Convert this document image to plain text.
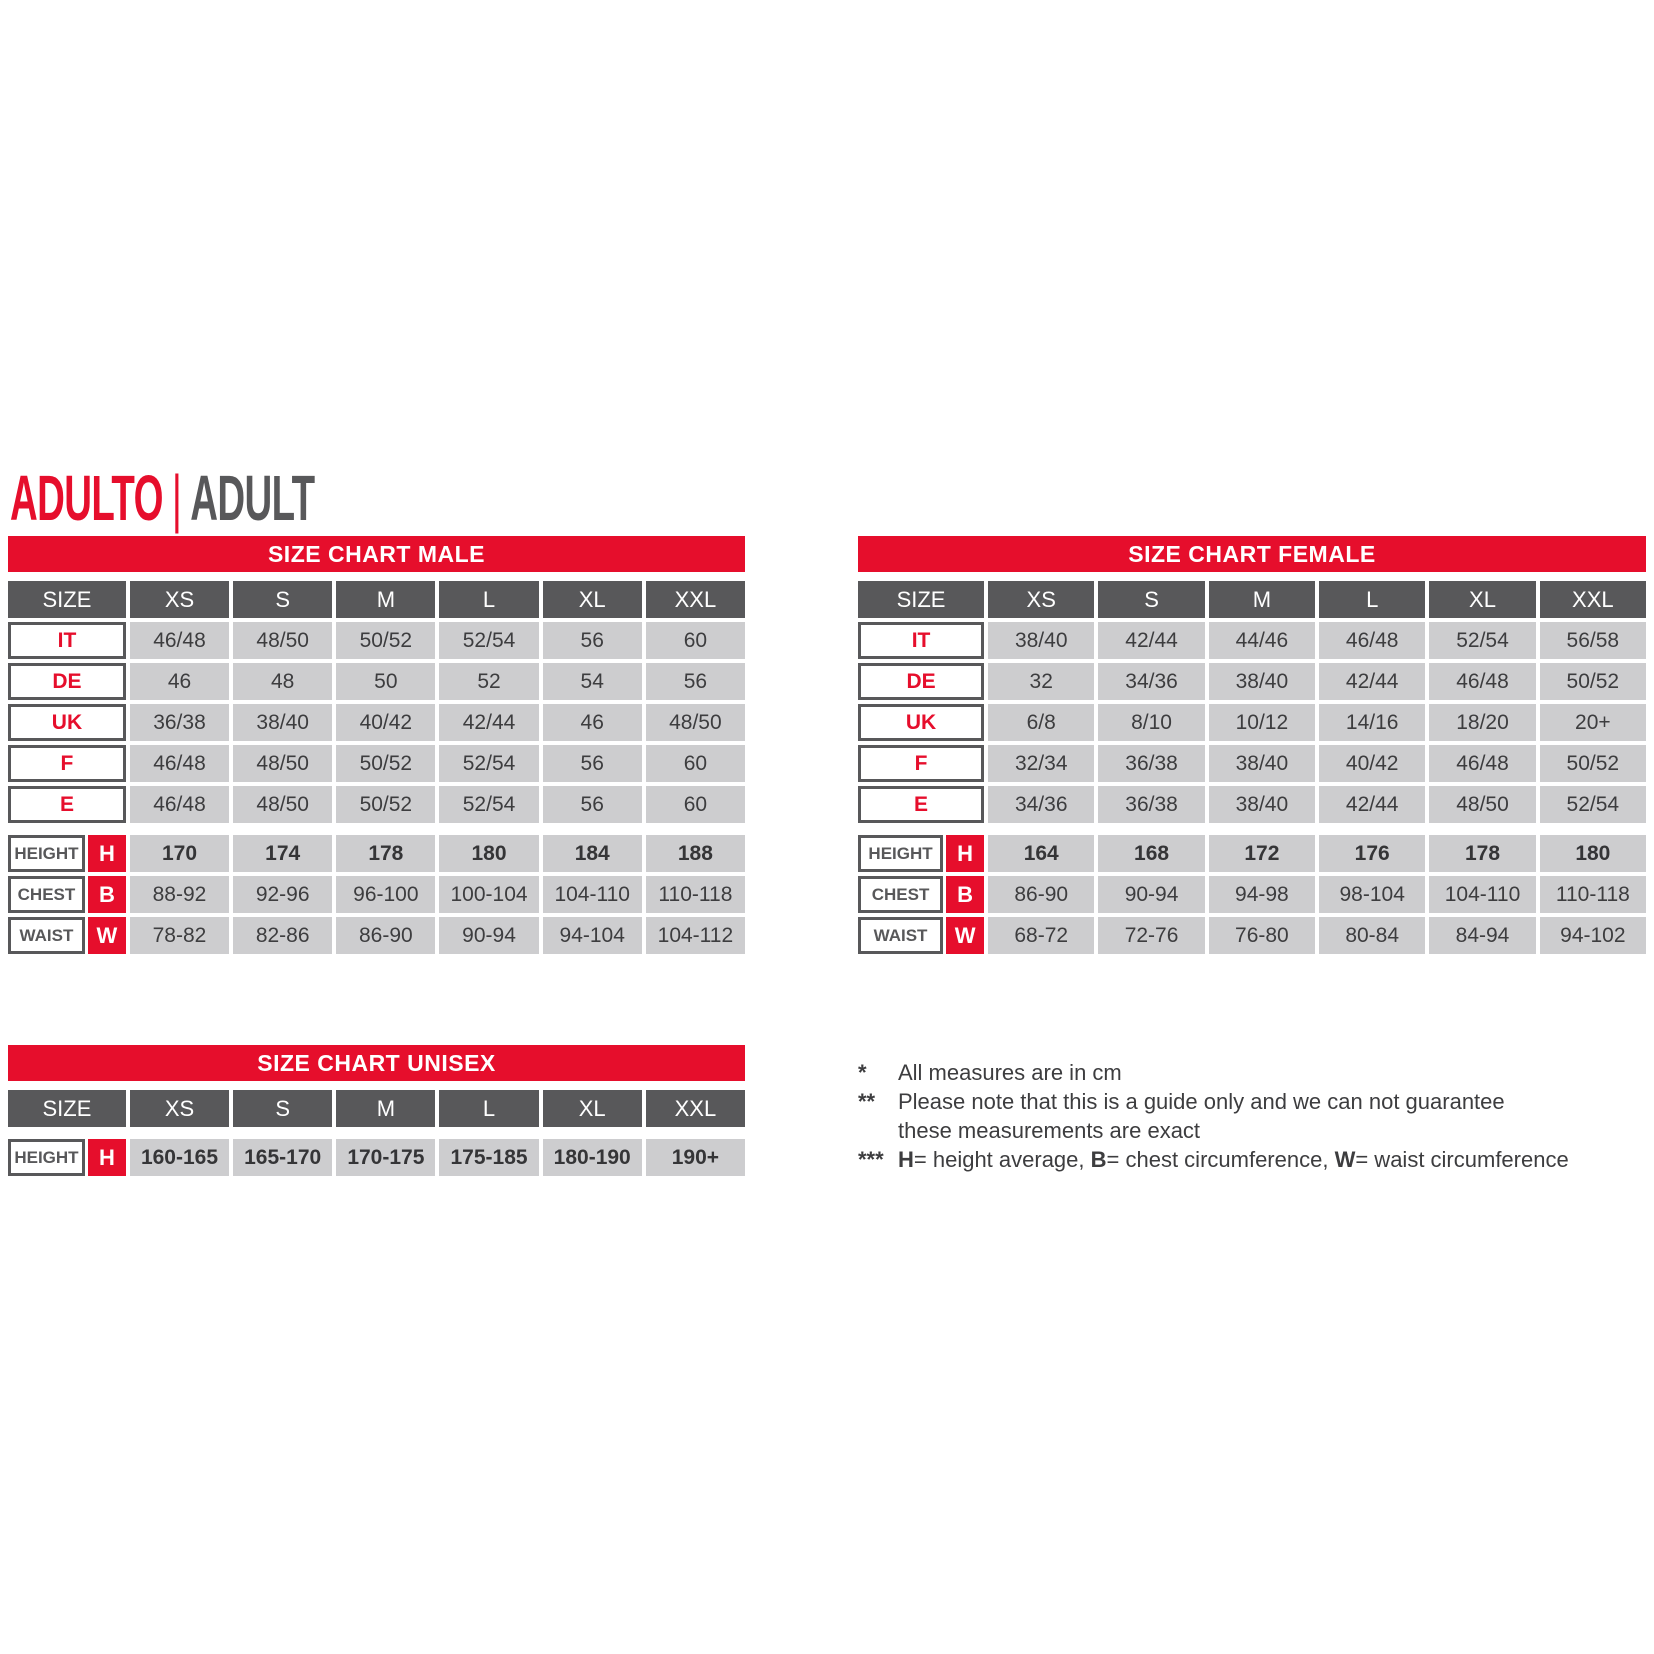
ADULTO | ADULT
SIZE CHART MALE
SIZE	XS	S	M	L	XL	XXL
IT	46/48	48/50	50/52	52/54	56	60
DE	46	48	50	52	54	56
UK	36/38	38/40	40/42	42/44	46	48/50
F	46/48	48/50	50/52	52/54	56	60
E	46/48	48/50	50/52	52/54	56	60
HEIGHT H	170	174	178	180	184	188
CHEST	B	88-92	92-96	96-100	100-104	104-110	110-118
WAIST	W	78-82	82-86	86-90	90-94	94-104	104-112
SIZE CHART FEMALE
SIZE	XS	S	M	L	XL	XXL
IT	38/40	42/44	44/46	46/48	52/54	56/58
DE	32	34/36	38/40	42/44	46/48	50/52
UK	6/8	8/10	10/12	14/16	18/20	20+
F	32/34	36/38	38/40	40/42	46/48	50/52
E	34/36	36/38	38/40	42/44	48/50	52/54
HEIGHT	H	164	168	172	176	178	180
CHEST	B	86-90	90-94	94-98	98-104	104-110	110-118
WAIST	W	68-72	72-76	76-80	80-84	84-94	94-102
SIZE CHART UNISEX
SIZE	XS	S	M	L	XL	XXL
HEIGHT H	160-165	165-170	170-175	175-185	180-190	190+
*	All measures are in cm
**	Please note that this is a guide only and we can not guarantee
these measurements are exact
*** H= height average, B= chest circumference, W= waist circumference
